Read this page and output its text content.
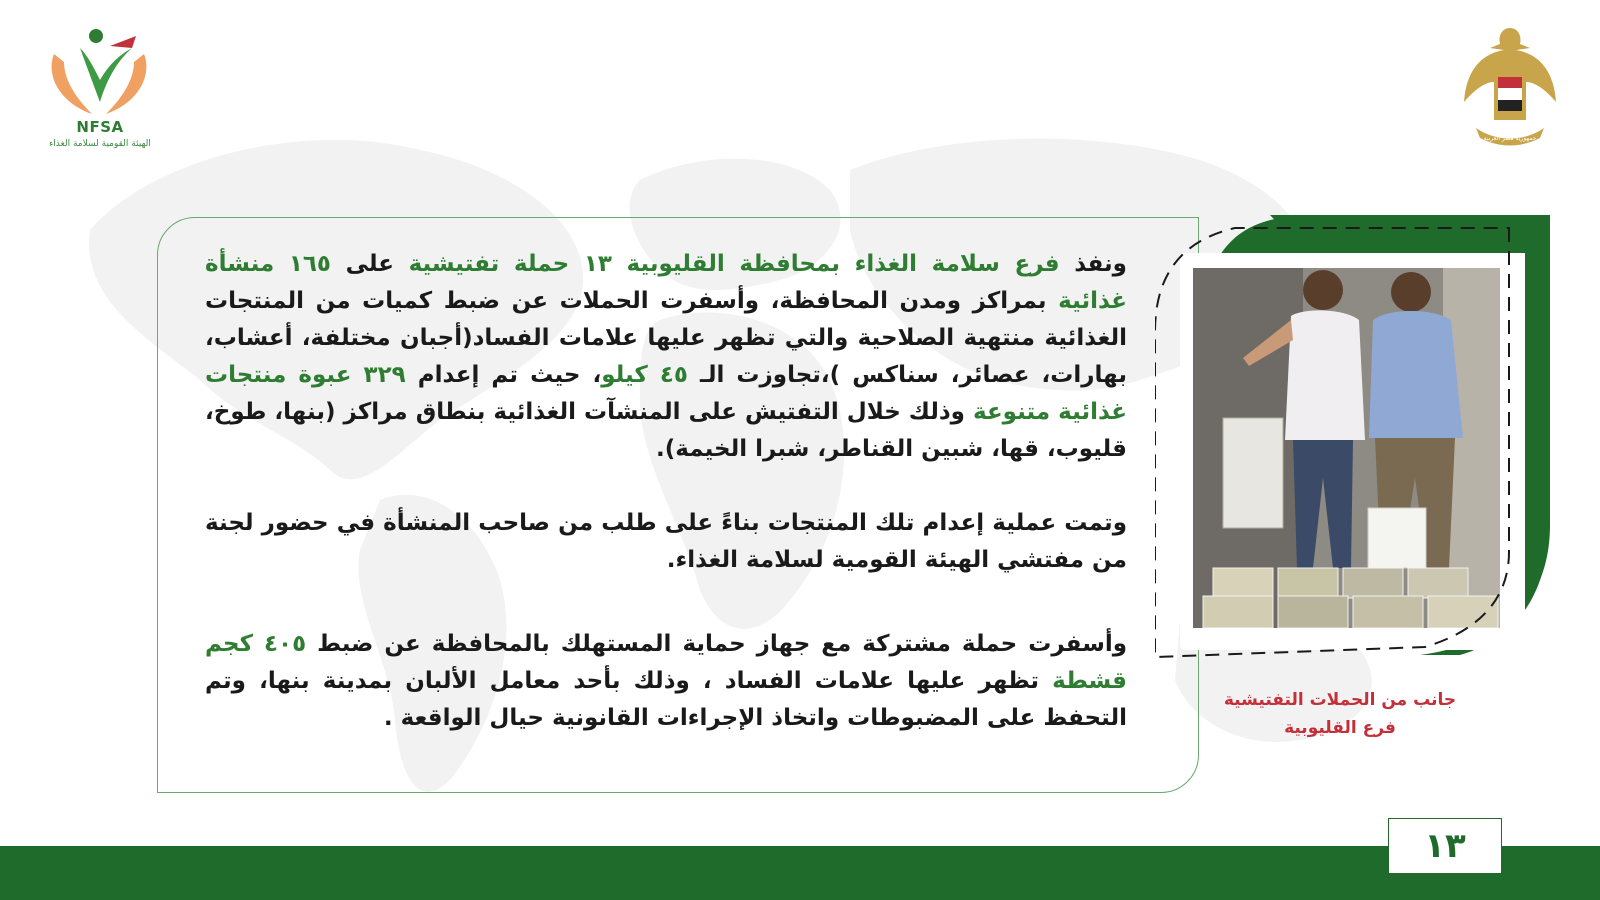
NFSA
الهيئة القومية لسلامة الغذاء
جمهورية مصر العربية

ونفذ فرع سلامة الغذاء بمحافظة القليوبية ١٣ حملة تفتيشية على ١٦٥ منشأة غذائية بمراكز ومدن المحافظة، وأسفرت الحملات عن ضبط كميات من المنتجات الغذائية منتهية الصلاحية والتي تظهر عليها علامات الفساد(أجبان مختلفة، أعشاب، بهارات، عصائر، سناكس )،تجاوزت الـ ٤٥ كيلو، حيث تم إعدام ٣٢٩ عبوة منتجات غذائية متنوعة وذلك خلال التفتيش على المنشآت الغذائية بنطاق مراكز (بنها، طوخ، قليوب، قها، شبين القناطر، شبرا الخيمة).

وتمت عملية إعدام تلك المنتجات بناءً على طلب من صاحب المنشأة في حضور لجنة من مفتشي الهيئة القومية لسلامة الغذاء.

وأسفرت حملة مشتركة مع جهاز حماية المستهلك بالمحافظة عن ضبط ٤٠٥ كجم قشطة تظهر عليها علامات الفساد ، وذلك بأحد معامل الألبان بمدينة بنها، وتم التحفظ على المضبوطات واتخاذ الإجراءات القانونية حيال الواقعة .

جانب من الحملات التفتيشية
فرع القليوبية
١٣
